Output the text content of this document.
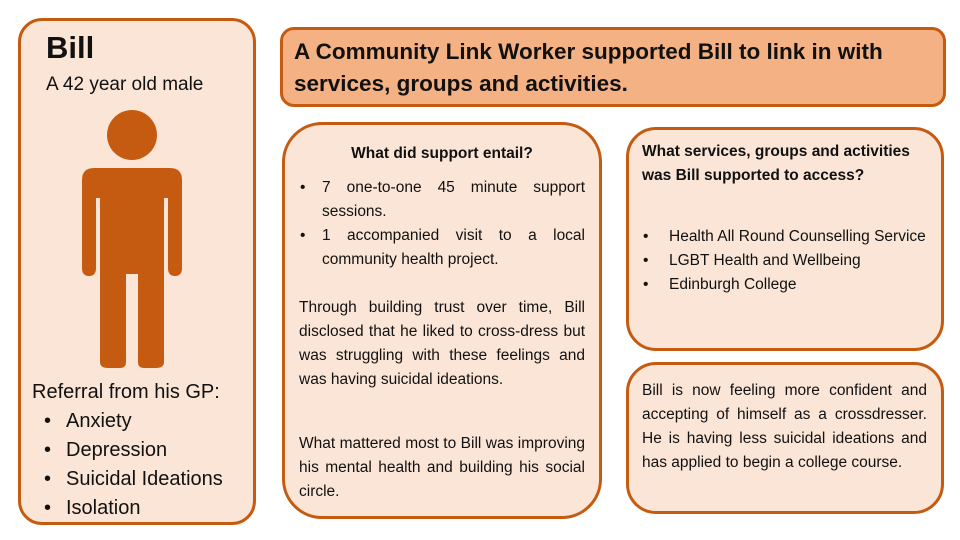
Bill
A 42 year old male
Referral from his GP:
• Anxiety
• Depression
• Suicidal Ideations
• Isolation
A Community Link Worker supported Bill to link in with services, groups and activities.
What did support entail?
• 7 one-to-one 45 minute support sessions.
• 1 accompanied visit to a local community health project.

Through building trust over time, Bill disclosed that he liked to cross-dress but was struggling with these feelings and was having suicidal ideations.

What mattered most to Bill was improving his mental health and building his social circle.

What services, groups and activities was Bill supported to access?
• Health All Round Counselling Service
• LGBT Health and Wellbeing
• Edinburgh College

Bill is now feeling more confident and accepting of himself as a crossdresser. He is having less suicidal ideations and has applied to begin a college course.
